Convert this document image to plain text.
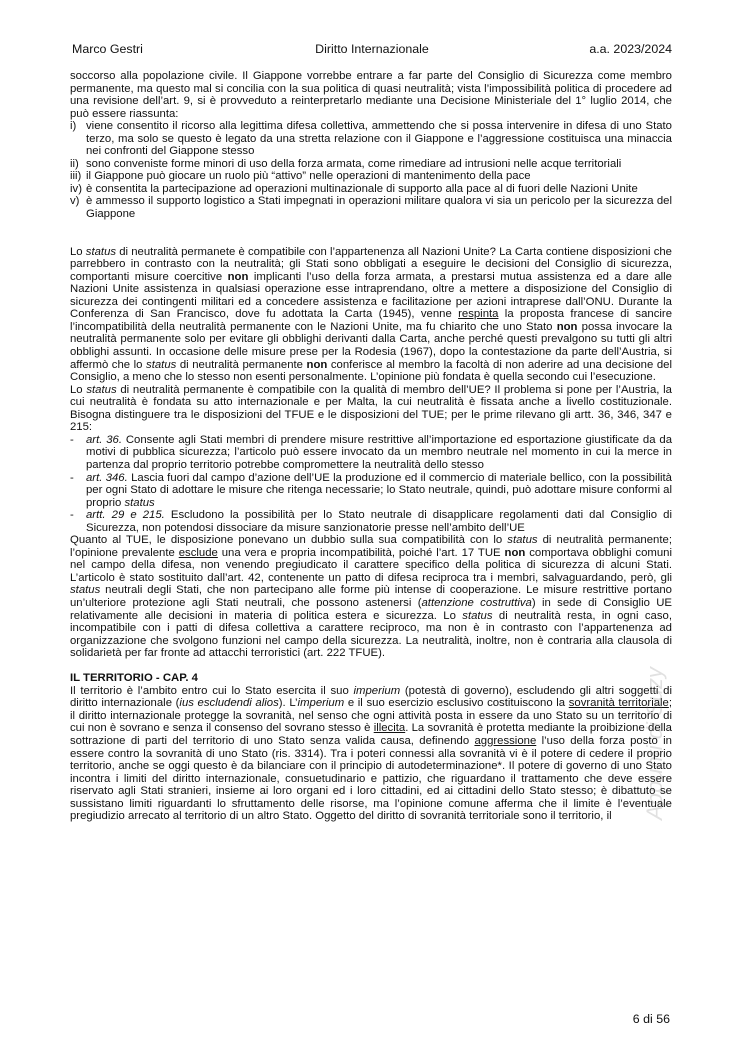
Marco Gestri	Diritto Internazionale	a.a. 2023/2024

soccorso alla popolazione civile. Il Giappone vorrebbe entrare a far parte del Consiglio di Sicurezza come membro permanente, ma questo mal si concilia con la sua politica di quasi neutralità; vista l’impossibilità politica di procedere ad una revisione dell’art. 9, si è provveduto a reinterpretarlo mediante una Decisione Ministeriale del 1° luglio 2014, che può essere riassunta:

i) viene consentito il ricorso alla legittima difesa collettiva, ammettendo che si possa intervenire in difesa di uno Stato terzo, ma solo se questo è legato da una stretta relazione con il Giappone e l’aggressione costituisca una minaccia nei confronti del Giappone stesso
ii) sono conveniste forme minori di uso della forza armata, come rimediare ad intrusioni nelle acque territoriali
iii) il Giappone può giocare un ruolo più “attivo” nelle operazioni di mantenimento della pace
iv) è consentita la partecipazione ad operazioni multinazionale di supporto alla pace al di fuori delle Nazioni Unite
v) è ammesso il supporto logistico a Stati impegnati in operazioni militare qualora vi sia un pericolo per la sicurezza del Giappone

Lo status di neutralità permanete è compatibile con l’appartenenza all Nazioni Unite? La Carta contiene disposizioni che parrebbero in contrasto con la neutralità; gli Stati sono obbligati a eseguire le decisioni del Consiglio di sicurezza, comportanti misure coercitive non implicanti l’uso della forza armata, a prestarsi mutua assistenza ed a dare alle Nazioni Unite assistenza in qualsiasi operazione esse intraprendano, oltre a mettere a disposizione del Consiglio di sicurezza dei contingenti militari ed a concedere assistenza e facilitazione per azioni intraprese dall’ONU. Durante la Conferenza di San Francisco, dove fu adottata la Carta (1945), venne respinta la proposta francese di sancire l’incompatibilità della neutralità permanente con le Nazioni Unite, ma fu chiarito che uno Stato non possa invocare la neutralità permanente solo per evitare gli obblighi derivanti dalla Carta, anche perché questi prevalgono su tutti gli altri obblighi assunti. In occasione delle misure prese per la Rodesia (1967), dopo la contestazione da parte dell’Austria, si affermò che lo status di neutralità permanente non conferisce al membro la facoltà di non aderire ad una decisione del Consiglio, a meno che lo stesso non esenti personalmente. L’opinione più fondata è quella secondo cui l’esecuzione.

Lo status di neutralità permanente è compatibile con la qualità di membro dell’UE? Il problema si pone per l’Austria, la cui neutralità è fondata su atto internazionale e per Malta, la cui neutralità è fissata anche a livello costituzionale. Bisogna distinguere tra le disposizioni del TFUE e le disposizioni del TUE; per le prime rilevano gli artt. 36, 346, 347 e 215:

- art. 36. Consente agli Stati membri di prendere misure restrittive all’importazione ed esportazione giustificate da da motivi di pubblica sicurezza; l’articolo può essere invocato da un membro neutrale nel momento in cui la merce in partenza dal proprio territorio potrebbe compromettere la neutralità dello stesso
- art. 346. Lascia fuori dal campo d’azione dell’UE la produzione ed il commercio di materiale bellico, con la possibilità per ogni Stato di adottare le misure che ritenga necessarie; lo Stato neutrale, quindi, può adottare misure conformi al proprio status
- artt. 29 e 215. Escludono la possibilità per lo Stato neutrale di disapplicare regolamenti dati dal Consiglio di Sicurezza, non potendosi dissociare da misure sanzionatorie presse nell’ambito dell’UE

Quanto al TUE, le disposizione ponevano un dubbio sulla sua compatibilità con lo status di neutralità permanente; l’opinione prevalente esclude una vera e propria incompatibilità, poiché l’art. 17 TUE non comportava obblighi comuni nel campo della difesa, non venendo pregiudicato il carattere specifico della politica di sicurezza di alcuni Stati. L’articolo è stato sostituito dall’art. 42, contenente un patto di difesa reciproca tra i membri, salvaguardando, però, gli status neutrali degli Stati, che non partecipano alle forme più intense di cooperazione. Le misure restrittive portano un’ulteriore protezione agli Stati neutrali, che possono astenersi (attenzione costruttiva) in sede di Consiglio UE relativamente alle decisioni in materia di politica estera e sicurezza. Lo status di neutralità resta, in ogni caso, incompatibile con i patti di difesa collettiva a carattere reciproco, ma non è in contrasto con l’appartenenza ad organizzazione che svolgono funzioni nel campo della sicurezza. La neutralità, inoltre, non è contraria alla clausola di solidarietà per far fronte ad attacchi terroristici (art. 222 TFUE).

IL TERRITORIO - CAP. 4

Il territorio è l’ambito entro cui lo Stato esercita il suo imperium (potestà di governo), escludendo gli altri soggetti di diritto internazionale (ius escludendi alios). L’imperium e il suo esercizio esclusivo costituiscono la sovranità territoriale; il diritto internazionale protegge la sovranità, nel senso che ogni attività posta in essere da uno Stato su un territorio di cui non è sovrano e senza il consenso del sovrano stesso è illecita. La sovranità è protetta mediante la proibizione della sottrazione di parti del territorio di uno Stato senza valida causa, definendo aggressione l’uso della forza posto in essere contro la sovranità di uno Stato (ris. 3314). Tra i poteri connessi alla sovranità vi è il potere di cedere il proprio territorio, anche se oggi questo è da bilanciare con il principio di autodeterminazione*. Il potere di governo di uno Stato incontra i limiti del diritto internazionale, consuetudinario e pattizio, che riguardano il trattamento che deve essere riservato agli Stati stranieri, insieme ai loro organi ed i loro cittadini, ed ai cittadini dello Stato stesso; è dibattuto se sussistano limiti riguardanti lo sfruttamento delle risorse, ma l’opinione comune afferma che il limite è l’eventuale pregiudizio arrecato al territorio di un altro Stato. Oggetto del diritto di sovranità territoriale sono il territorio, il	Appunti di Suzy
6 di 56
